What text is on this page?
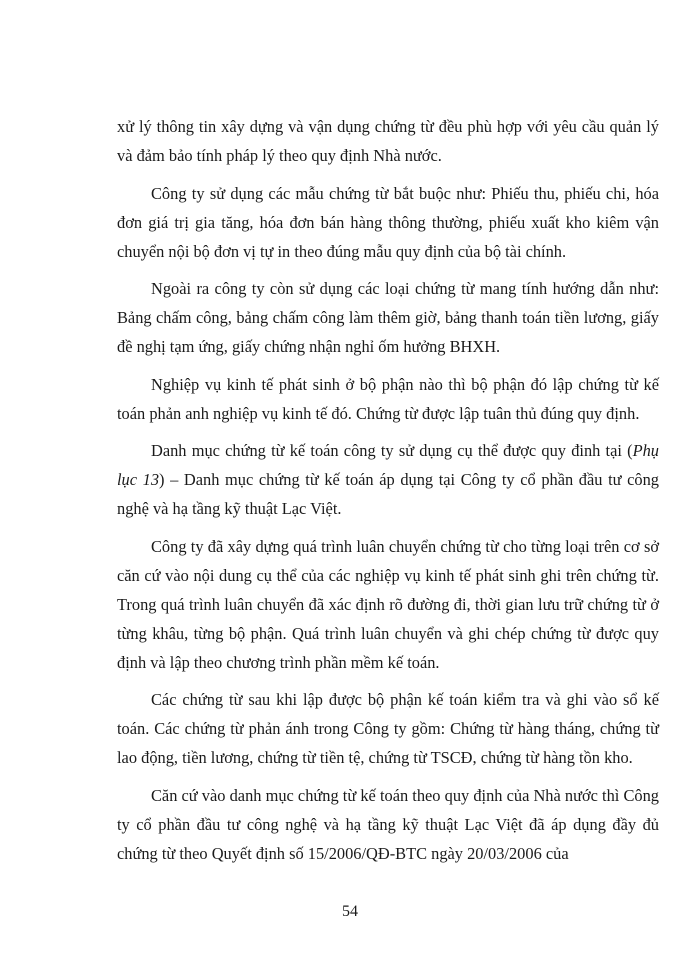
xử lý thông tin xây dựng và vận dụng chứng từ đều phù hợp với yêu cầu quản lý và đảm bảo tính pháp lý theo quy định Nhà nước.

Công ty sử dụng các mẫu chứng từ bắt buộc như: Phiếu thu, phiếu chi, hóa đơn giá trị gia tăng, hóa đơn bán hàng thông thường, phiếu xuất kho kiêm vận chuyển nội bộ đơn vị tự in theo đúng mẫu quy định của bộ tài chính.

Ngoài ra công ty còn sử dụng các loại chứng từ mang tính hướng dẫn như: Bảng chấm công, bảng chấm công làm thêm giờ, bảng thanh toán tiền lương, giấy đề nghị tạm ứng, giấy chứng nhận nghỉ ốm hưởng BHXH.

Nghiệp vụ kinh tế phát sinh ở bộ phận nào thì bộ phận đó lập chứng từ kế toán phản anh nghiệp vụ kinh tế đó. Chứng từ được lập tuân thủ đúng quy định.

Danh mục chứng từ kế toán công ty sử dụng cụ thể được quy đinh tại (Phụ lục 13) – Danh mục chứng từ kế toán áp dụng tại Công ty cổ phần đầu tư công nghệ và hạ tầng kỹ thuật Lạc Việt.

Công ty đã xây dựng quá trình luân chuyển chứng từ cho từng loại trên cơ sở căn cứ vào nội dung cụ thể của các nghiệp vụ kinh tế phát sinh ghi trên chứng từ. Trong quá trình luân chuyển đã xác định rõ đường đi, thời gian lưu trữ chứng từ ở từng khâu, từng bộ phận. Quá trình luân chuyển và ghi chép chứng từ được quy định và lập theo chương trình phần mềm kế toán.

Các chứng từ sau khi lập được bộ phận kế toán kiểm tra và ghi vào sổ kế toán. Các chứng từ phản ánh trong Công ty gồm: Chứng từ hàng tháng, chứng từ lao động, tiền lương, chứng từ tiền tệ, chứng từ TSCĐ, chứng từ hàng tồn kho.

Căn cứ vào danh mục chứng từ kế toán theo quy định của Nhà nước thì Công ty cổ phần đầu tư công nghệ và hạ tầng kỹ thuật Lạc Việt đã áp dụng đầy đủ chứng từ theo Quyết định số 15/2006/QĐ-BTC ngày 20/03/2006 của

54
